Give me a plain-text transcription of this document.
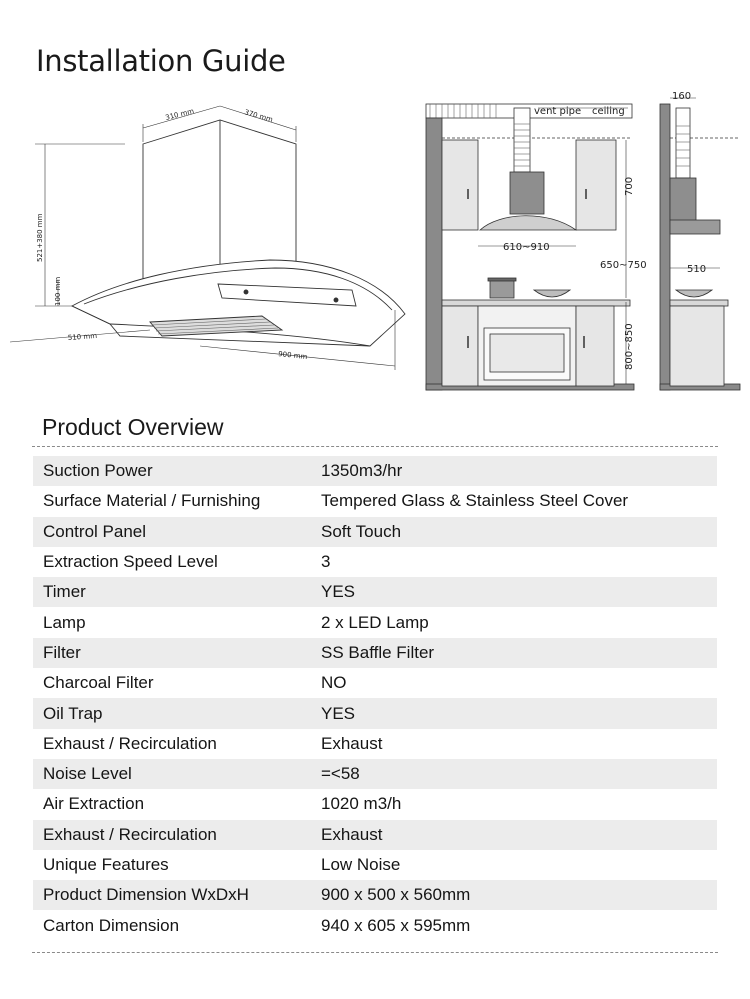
Installation Guide
310 mm	370 mm
521+380 mm
100 mm
510 mm
900 mm
vent pipe ceiling
700
610~910
650~750
800~850
160
510
Product Overview
Suction Power	1350m3/hr
Surface Material / Furnishing	Tempered Glass & Stainless Steel Cover
Control Panel	Soft Touch
Extraction Speed Level	3
Timer	YES
Lamp	2 x LED Lamp
Filter	SS Baffle Filter
Charcoal Filter	NO
Oil Trap	YES
Exhaust / Recirculation	Exhaust
Noise Level	=<58
Air Extraction	1020 m3/h
Exhaust / Recirculation	Exhaust
Unique Features	Low Noise
Product Dimension WxDxH	900 x 500 x 560mm
Carton Dimension	940 x 605 x 595mm
